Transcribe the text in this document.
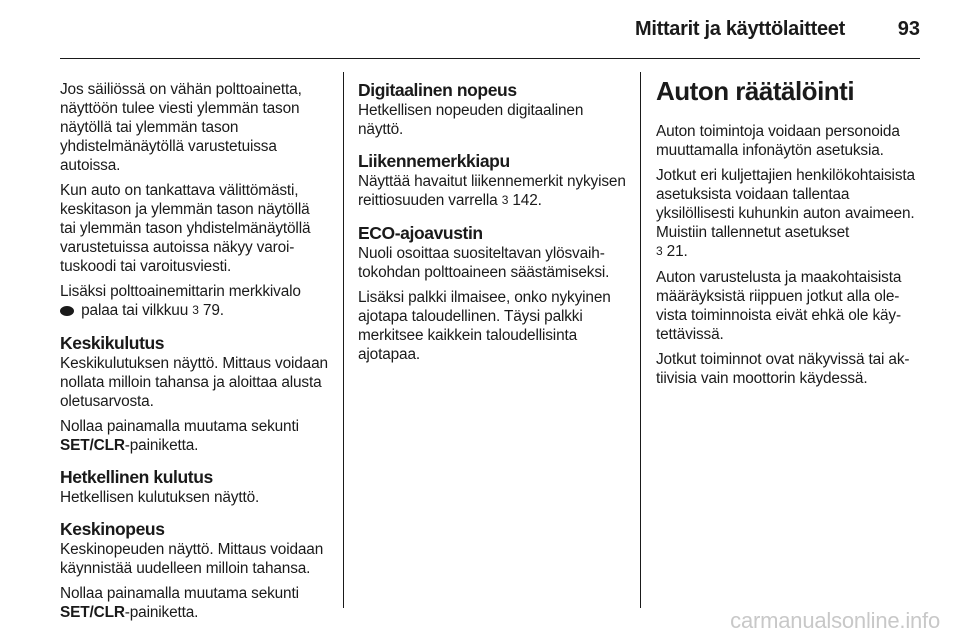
Mittarit ja käyttölaitteet	93

Jos säiliössä on vähän polttoainetta, näyttöön tulee viesti ylemmän tason näytöllä tai ylemmän tason yhdistelmänäytöllä varustetuissa autoissa.

Kun auto on tankattava välittömästi, keskitason ja ylemmän tason näytöllä tai ylemmän tason yhdistelmänäytöllä varustetuissa autoissa näkyy varoituskoodi tai varoitusviesti.

Lisäksi polttoainemittarin merkkivalo
palaa tai vilkkuu 3 79.

Keskikulutus

Keskikulutuksen näyttö. Mittaus voidaan nollata milloin tahansa ja aloittaa alusta oletusarvosta.

Nollaa painamalla muutama sekunti
SET/CLR-painiketta.

Hetkellinen kulutus

Hetkellisen kulutuksen näyttö.

Keskinopeus

Keskinopeuden näyttö. Mittaus voidaan käynnistää uudelleen milloin tahansa.

Nollaa painamalla muutama sekunti
SET/CLR-painiketta.

Digitaalinen nopeus

Hetkellisen nopeuden digitaalinen näyttö.

Liikennemerkkiapu

Näyttää havaitut liikennemerkit nykyisen reittiosuuden varrella 3 142.

ECO-ajoavustin

Nuoli osoittaa suositeltavan ylösvaihtokohdan polttoaineen säästämiseksi.

Lisäksi palkki ilmaisee, onko nykyinen ajotapa taloudellinen. Täysi palkki merkitsee kaikkein taloudellisinta ajotapaa.

Auton räätälöinti

Auton toimintoja voidaan personoida muuttamalla infonäytön asetuksia.

Jotkut eri kuljettajien henkilökohtaisista asetuksista voidaan tallentaa yksilöllisesti kuhunkin auton avaimeen. Muistiin tallennetut asetukset
3 21.

Auton varustelusta ja maakohtaisista määräyksistä riippuen jotkut alla olevista toiminnoista eivät ehkä ole käytettävissä.

Jotkut toiminnot ovat näkyvissä tai aktiivisia vain moottorin käydessä.

carmanualsonline.info
